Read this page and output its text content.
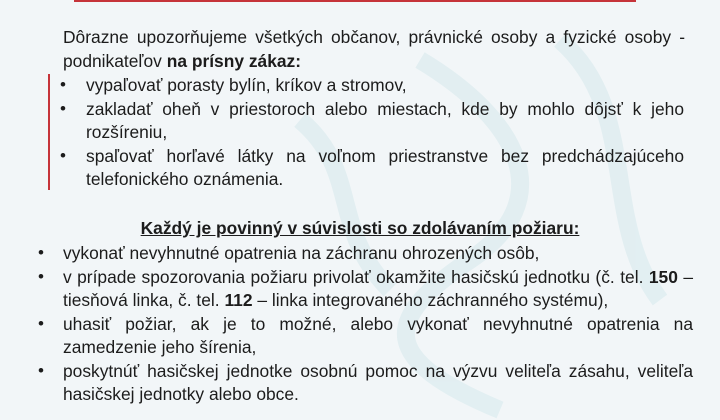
Dôrazne upozorňujeme všetkých občanov, právnické osoby a fyzické osoby - podnikateľov na prísny zákaz:
• vypaľovať porasty bylín, kríkov a stromov,
• zakladať oheň v priestoroch alebo miestach, kde by mohlo dôjsť k jeho rozšíreniu,
• spaľovať horľavé látky na voľnom priestranstve bez predchádzajúceho telefonického oznámenia.
Každý je povinný v súvislosti so zdolávaním požiaru:
• vykonať nevyhnutné opatrenia na záchranu ohrozených osôb,
• v prípade spozorovania požiaru privolať okamžite hasičskú jednotku (č. tel. 150 – tiesňová linka, č. tel. 112 – linka integrovaného záchranného systému),
• uhasiť požiar, ak je to možné, alebo vykonať nevyhnutné opatrenia na zamedzenie jeho šírenia,
• poskytnúť hasičskej jednotke osobnú pomoc na výzvu veliteľa zásahu, veliteľa hasičskej jednotky alebo obce.
